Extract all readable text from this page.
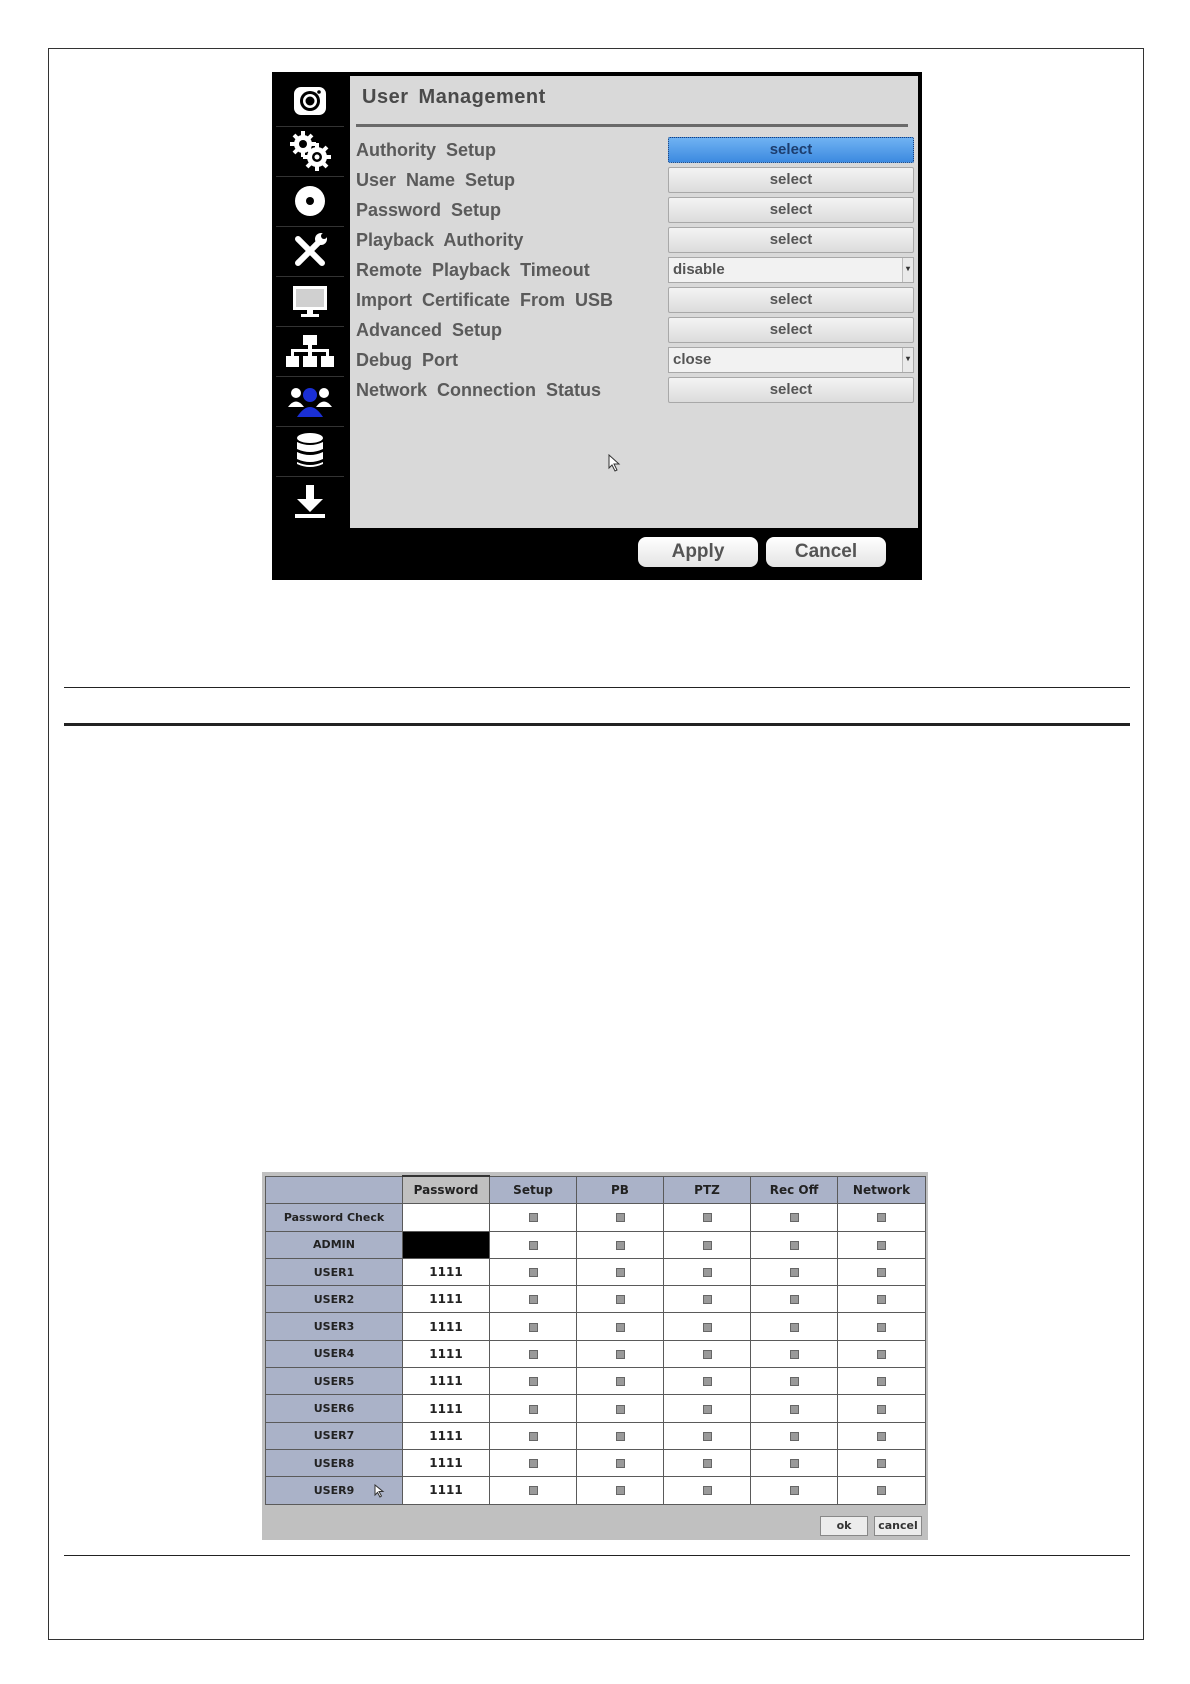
User Management
Authority Setup	select
User Name Setup	select
Password Setup	select
Playback Authority	select
Remote Playback Timeout	disable	▾
Import Certificate From USB	select
Advanced Setup	select
Debug Port	close	▾
Network Connection Status	select
Apply	Cancel
	Password	Setup	PB	PTZ	Rec Off	Network
Password Check						
ADMIN						
USER1	1111					
USER2	1111					
USER3	1111					
USER4	1111					
USER5	1111					
USER6	1111					
USER7	1111					
USER8	1111					
USER9	1111					
ok	cancel
